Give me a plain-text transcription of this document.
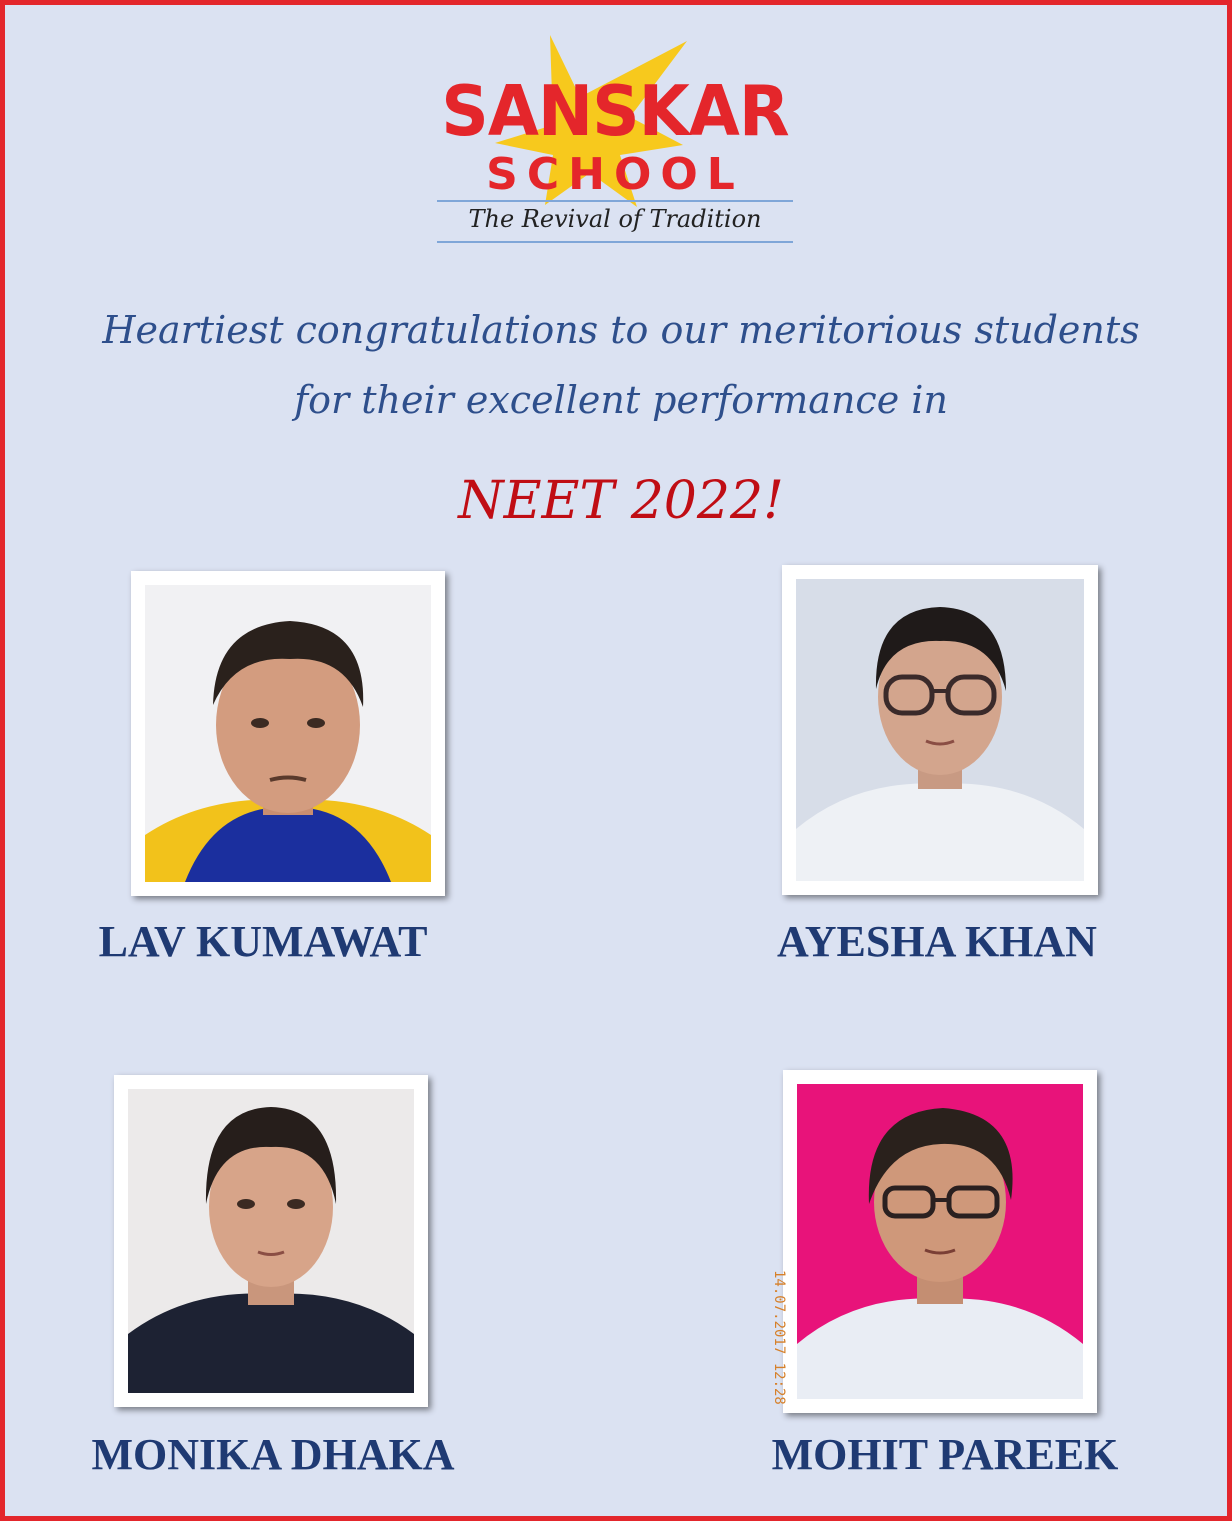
SANSKAR
SCHOOL
The Revival of Tradition
Heartiest congratulations to our meritorious students
for their excellent performance in
NEET 2022!
LAV KUMAWAT	AYESHA KHAN
MONIKA DHAKA
14.07.2017 12:28
MOHIT PAREEK
